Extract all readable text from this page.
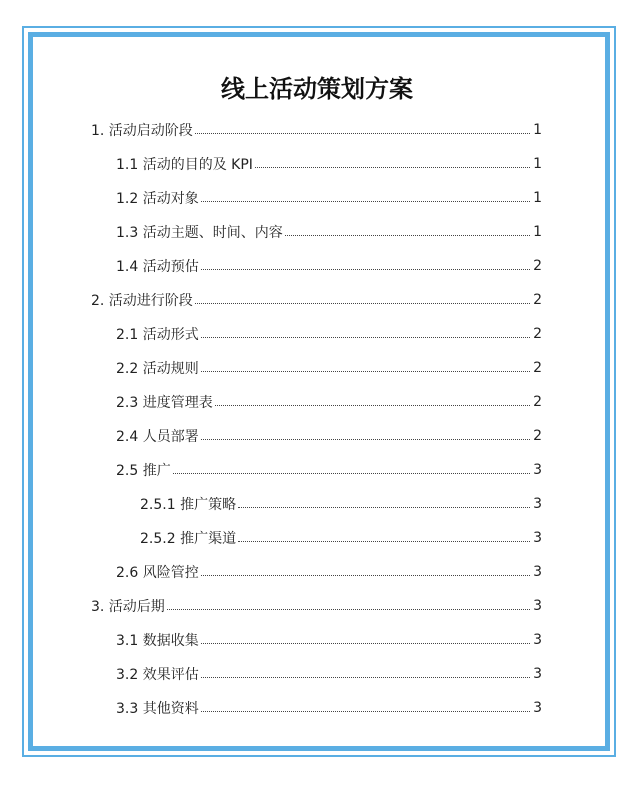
线上活动策划方案
1. 活动启动阶段	1
1.1 活动的目的及 KPI	1
1.2 活动对象	1
1.3 活动主题、时间、内容	1
1.4 活动预估	2
2. 活动进行阶段	2
2.1 活动形式	2
2.2 活动规则	2
2.3 进度管理表	2
2.4 人员部署	2
2.5 推广	3
2.5.1 推广策略	3
2.5.2 推广渠道	3
2.6 风险管控	3
3. 活动后期	3
3.1 数据收集	3
3.2 效果评估	3
3.3 其他资料	3
